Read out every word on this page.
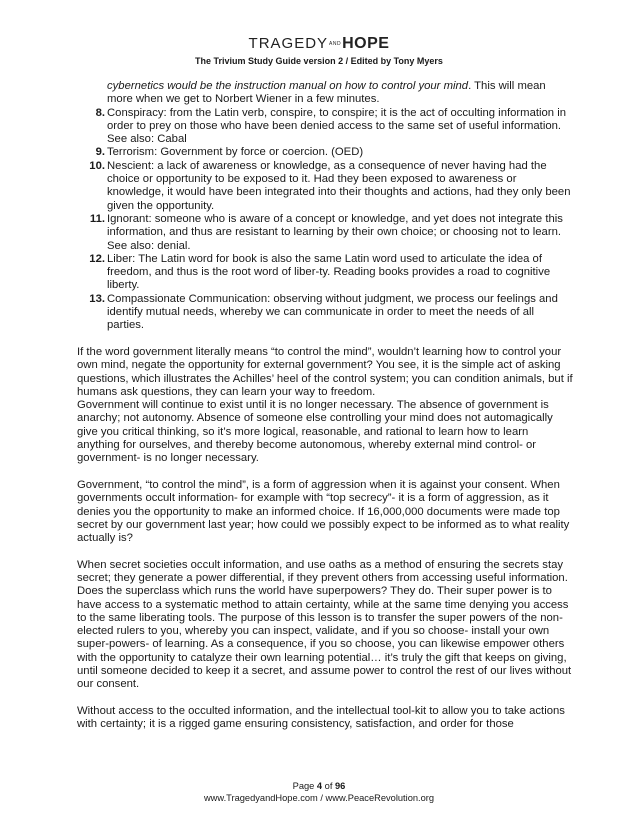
TRAGEDYANDHOPE
The Trivium Study Guide version 2 / Edited by Tony Myers

cybernetics would be the instruction manual on how to control your mind. This will mean more when we get to Norbert Wiener in a few minutes.

8. Conspiracy: from the Latin verb, conspire, to conspire; it is the act of occulting information in order to prey on those who have been denied access to the same set of useful information. See also: Cabal
9. Terrorism: Government by force or coercion. (OED)
10. Nescient: a lack of awareness or knowledge, as a consequence of never having had the choice or opportunity to be exposed to it. Had they been exposed to awareness or knowledge, it would have been integrated into their thoughts and actions, had they only been given the opportunity.
11. Ignorant: someone who is aware of a concept or knowledge, and yet does not integrate this information, and thus are resistant to learning by their own choice; or choosing not to learn. See also: denial.
12. Liber: The Latin word for book is also the same Latin word used to articulate the idea of freedom, and thus is the root word of liber-ty. Reading books provides a road to cognitive liberty.
13. Compassionate Communication: observing without judgment, we process our feelings and identify mutual needs, whereby we can communicate in order to meet the needs of all parties.

If the word government literally means “to control the mind”, wouldn’t learning how to control your own mind, negate the opportunity for external government? You see, it is the simple act of asking questions, which illustrates the Achilles’ heel of the control system; you can condition animals, but if humans ask questions, they can learn your way to freedom.

Government will continue to exist until it is no longer necessary. The absence of government is anarchy; not autonomy. Absence of someone else controlling your mind does not automagically give you critical thinking, so it’s more logical, reasonable, and rational to learn how to learn anything for ourselves, and thereby become autonomous, whereby external mind control- or government- is no longer necessary.

Government, “to control the mind”, is a form of aggression when it is against your consent. When governments occult information- for example with “top secrecy”- it is a form of aggression, as it denies you the opportunity to make an informed choice. If 16,000,000 documents were made top secret by our government last year; how could we possibly expect to be informed as to what reality actually is?

When secret societies occult information, and use oaths as a method of ensuring the secrets stay secret; they generate a power differential, if they prevent others from accessing useful information. Does the superclass which runs the world have superpowers? They do. Their super power is to have access to a systematic method to attain certainty, while at the same time denying you access to the same liberating tools. The purpose of this lesson is to transfer the super powers of the non-elected rulers to you, whereby you can inspect, validate, and if you so choose- install your own super-powers- of learning. As a consequence, if you so choose, you can likewise empower others with the opportunity to catalyze their own learning potential… it’s truly the gift that keeps on giving, until someone decided to keep it a secret, and assume power to control the rest of our lives without our consent.

Without access to the occulted information, and the intellectual tool-kit to allow you to take actions with certainty; it is a rigged game ensuring consistency, satisfaction, and order for those

Page 4 of 96
www.TragedyandHope.com / www.PeaceRevolution.org
